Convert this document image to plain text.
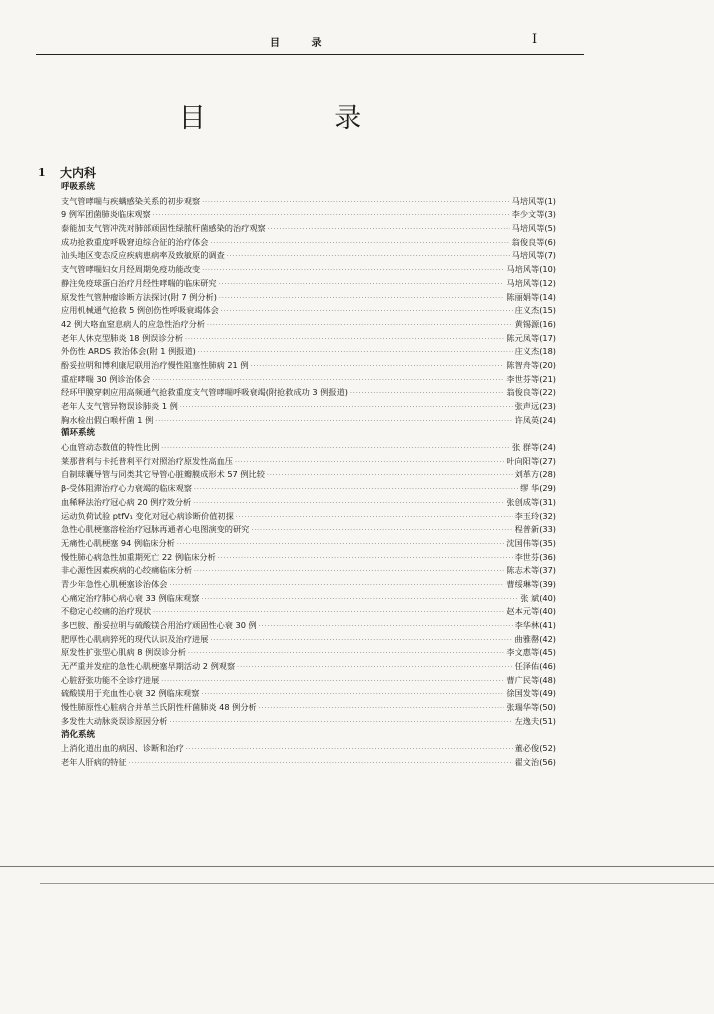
目 录	I
目 录
1 大内科
呼吸系统
支气管哮喘与疾螨感染关系的初步观察 ·····	马培风等 (1)
9 例军团菌肺炎临床观察 ·····	李少文等 (3)
泰能加支气管冲洗对肺部顽固性绿脓杆菌感染的治疗观察 ·····	马培风等 (5)
成功抢救重度呼吸窘迫综合征的治疗体会 ·····	翁俊良等 (6)
汕头地区变态反应疾病患病率及致敏原的调查 ·····	马培风等 (7)
支气管哮喘妇女月经周期免疫功能改变 ·····	马培风等 (10)
静注免疫球蛋白治疗月经性哮喘的临床研究 ·····	马培风等 (12)
原发性气管肿瘤诊断方法探讨(附 7 例分析) ·····	陈丽娟等 (14)
应用机械通气抢救 5 例创伤性呼吸衰竭体会 ·····	庄义杰 (15)
42 例大咯血窒息病人的应急性治疗分析 ·····	黄锡源 (16)
老年人休克型肺炎 18 例误诊分析 ·····	陈元凤等 (17)
外伤性 ARDS 救治体会(附 1 例报道) ·····	庄义杰 (18)
酚妥拉明和博利康尼联用治疗慢性阻塞性肺病 21 例 ·····	陈智舟等 (20)
重症哮喘 30 例诊治体会 ·····	李世芬等 (21)
经环甲膜穿刺应用高频通气抢救重度支气管哮喘呼吸衰竭(附抢救成功 3 例报道) ·····	翁俊良等 (22)
老年人支气管异物误诊肺炎 1 例 ·····	张声远 (23)
胸水检出假白喉杆菌 1 例 ·····	许凤英 (24)
循环系统
心血管动态数值的特性比例 ·····	张 群等 (24)
莱那普利与卡托普利平行对照治疗原发性高血压 ·····	叶向阳等 (27)
自制球囊导管与同类其它导管心脏瓣膜成形术 57 例比较 ·····	刘革方 (28)
β-受体阻滞治疗心力衰竭的临床观察 ·····	缪 华 (29)
血稀释法治疗冠心病 20 例疗效分析 ·····	张创成等 (31)
运动负荷试验 ptfV₁ 变化对冠心病诊断价值初探 ·····	李玉玲 (32)
急性心肌梗塞溶栓治疗冠脉再通者心电图演变的研究 ·····	程普新 (33)
无痛性心肌梗塞 94 例临床分析 ·····	沈国伟等 (35)
慢性肺心病急性加重期死亡 22 例临床分析 ·····	李世芬 (36)
非心源性因素疾病的心绞痛临床分析 ·····	陈志术等 (37)
青少年急性心肌梗塞诊治体会 ·····	曹绥琳等 (39)
心痛定治疗肺心病心衰 33 例临床观察 ·····	张 斌 (40)
不稳定心绞痛的治疗现状 ·····	赵本元等 (40)
多巴胺、酚妥拉明与硫酸镁合用治疗顽固性心衰 30 例 ·····	李华林 (41)
肥厚性心肌病猝死的现代认识及治疗进展 ·····	曲雅罄 (42)
原发性扩张型心肌病 8 例误诊分析 ·····	李文惠等 (45)
无严重并发症的急性心肌梗塞早期活动 2 例观察 ·····	任泽佑 (46)
心脏舒张功能不全诊疗进展 ·····	曹广民等 (48)
硫酸镁用于充血性心衰 32 例临床观察 ·····	徐国发等 (49)
慢性肺原性心脏病合并革兰氏阴性杆菌肺炎 48 例分析 ·····	张瑞华等 (50)
多发性大动脉炎误诊原因分析 ·····	左逸夫 (51)
消化系统
上消化道出血的病因、诊断和治疗 ·····	董必俊 (52)
老年人肝病的特征 ·····	翟文治 (56)
